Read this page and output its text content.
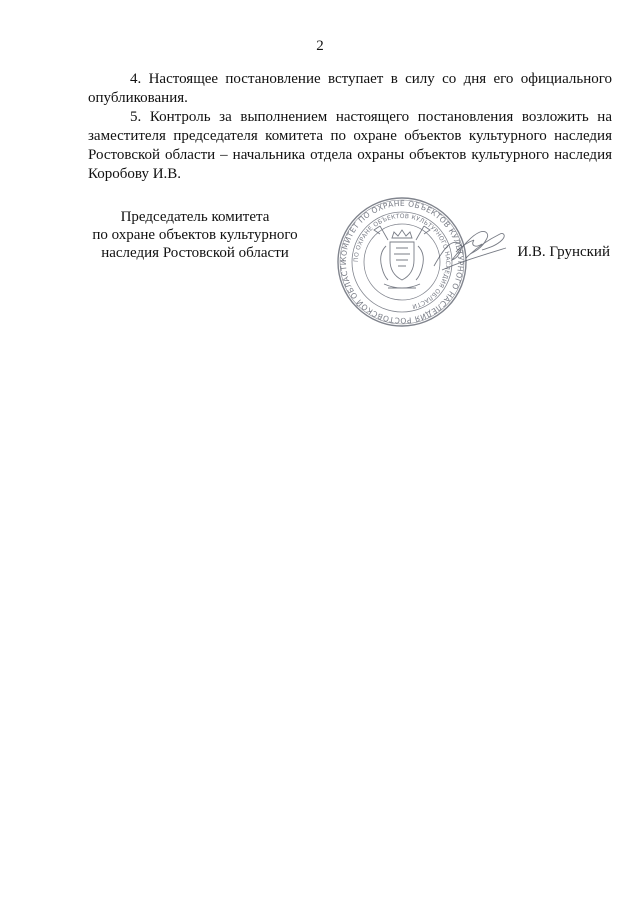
2

4. Настоящее постановление вступает в силу со дня его официального опубликования.

5. Контроль за выполнением настоящего постановления возложить на заместителя председателя комитета по охране объектов культурного наследия Ростовской области – начальника отдела охраны объектов культурного наследия Коробову И.В.

Председатель комитета
по охране объектов культурного
наследия Ростовской области	КОМИТЕТ ПО ОХРАНЕ ОБЪЕКТОВ КУЛЬТУРНОГО НАСЛЕДИЯ РОСТОВСКОЙ ОБЛАСТИ ПО ОХРАНЕ ОБЪЕКТОВ КУЛЬТУРНОГО НАСЛЕДИЯ ОБЛАСТИ
И.В. Грунский
